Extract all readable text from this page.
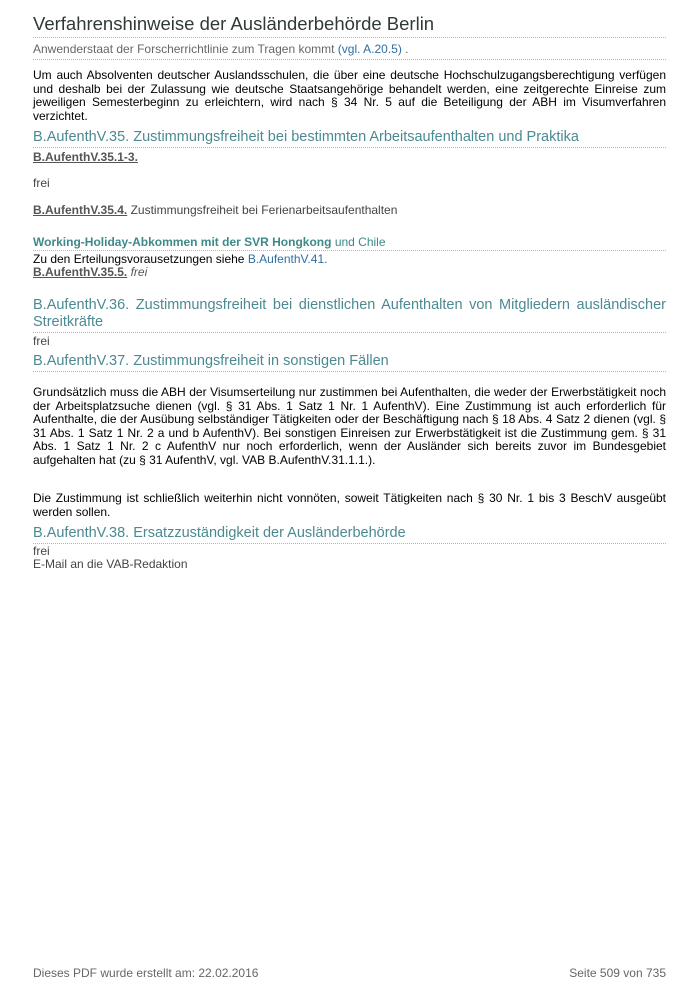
Verfahrenshinweise der Ausländerbehörde Berlin
Anwenderstaat der Forscherrichtlinie zum Tragen kommt (vgl. A.20.5) .
Um auch Absolventen deutscher Auslandsschulen, die über eine deutsche Hochschulzugangsberechtigung verfügen und deshalb bei der Zulassung wie deutsche Staatsangehörige behandelt werden, eine zeitgerechte Einreise zum jeweiligen Semesterbeginn zu erleichtern, wird nach § 34 Nr. 5 auf die Beteiligung der ABH im Visumverfahren verzichtet.
B.AufenthV.35. Zustimmungsfreiheit bei bestimmten Arbeitsaufenthalten und Praktika
B.AufenthV.35.1-3.
frei
B.AufenthV.35.4. Zustimmungsfreiheit bei Ferienarbeitsaufenthalten
Working-Holiday-Abkommen mit der SVR Hongkong und Chile
Zu den Erteilungsvorausetzungen siehe B.AufenthV.41.
B.AufenthV.35.5. frei
B.AufenthV.36. Zustimmungsfreiheit bei dienstlichen Aufenthalten von Mitgliedern ausländischer Streitkräfte
frei
B.AufenthV.37. Zustimmungsfreiheit in sonstigen Fällen
Grundsätzlich muss die ABH der Visumserteilung nur zustimmen bei Aufenthalten, die weder der Erwerbstätigkeit noch der Arbeitsplatzsuche dienen (vgl. § 31 Abs. 1 Satz 1 Nr. 1 AufenthV). Eine Zustimmung ist auch erforderlich für Aufenthalte, die der Ausübung selbständiger Tätigkeiten oder der Beschäftigung nach § 18 Abs. 4 Satz 2 dienen (vgl. § 31 Abs. 1 Satz 1 Nr. 2 a und b AufenthV). Bei sonstigen Einreisen zur Erwerbstätigkeit ist die Zustimmung gem. § 31 Abs. 1 Satz 1 Nr. 2 c AufenthV nur noch erforderlich, wenn der Ausländer sich bereits zuvor im Bundesgebiet aufgehalten hat (zu § 31 AufenthV, vgl. VAB B.AufenthV.31.1.1.).
Die Zustimmung ist schließlich weiterhin nicht vonnöten, soweit Tätigkeiten nach § 30 Nr. 1 bis 3 BeschV ausgeübt werden sollen.
B.AufenthV.38. Ersatzzuständigkeit der Ausländerbehörde
frei
E-Mail an die VAB-Redaktion
Dieses PDF wurde erstellt am: 22.02.2016	Seite 509 von 735
